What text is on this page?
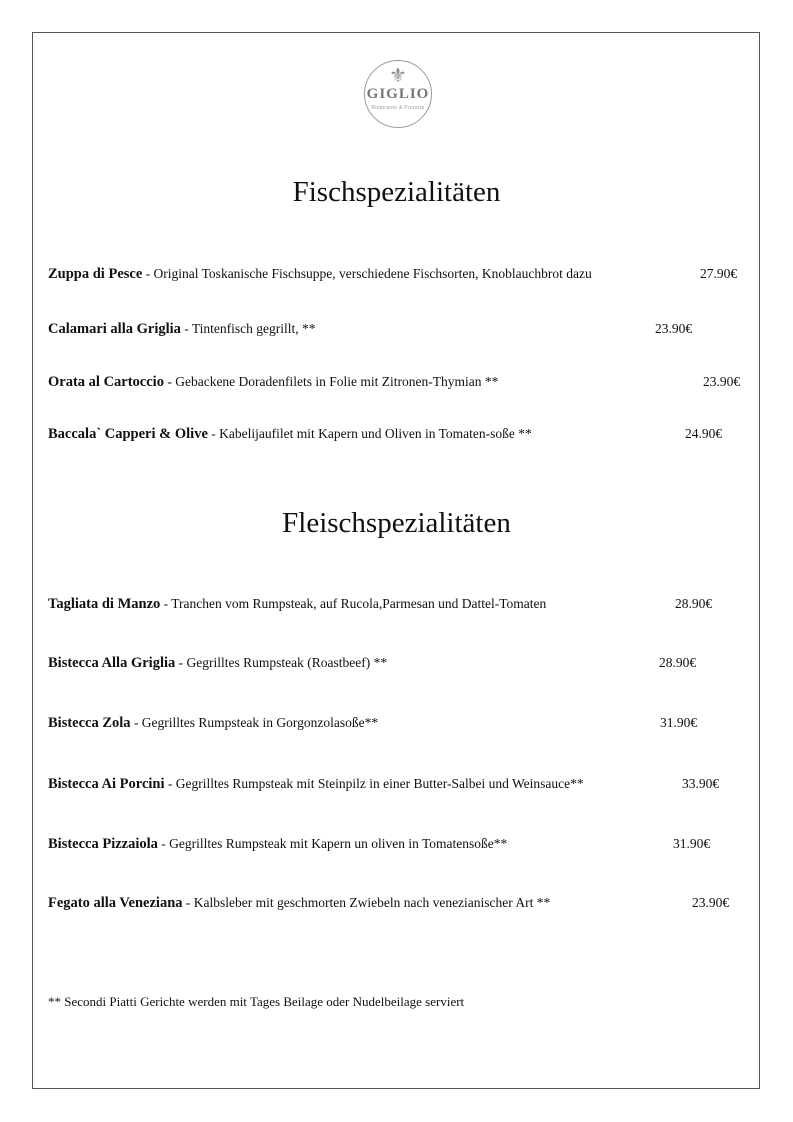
⚜
GIGLIO
Ristorante & Pizzeria
Fischspezialitäten
Zuppa di Pesce - Original Toskanische Fischsuppe, verschiedene Fischsorten, Knoblauchbrot dazu	27.90€
Calamari alla Griglia - Tintenfisch gegrillt, **	23.90€
Orata al Cartoccio - Gebackene Doradenfilets in Folie mit Zitronen-Thymian **	23.90€
Baccala` Capperi & Olive - Kabelijaufilet mit Kapern und Oliven in Tomaten-soße **	24.90€
Fleischspezialitäten
Tagliata di Manzo - Tranchen vom Rumpsteak, auf Rucola,Parmesan und Dattel-Tomaten	28.90€
Bistecca Alla Griglia - Gegrilltes Rumpsteak (Roastbeef) **	28.90€
Bistecca Zola - Gegrilltes Rumpsteak in Gorgonzolasoße**	31.90€
Bistecca Ai Porcini - Gegrilltes Rumpsteak mit Steinpilz in einer Butter-Salbei und Weinsauce**	33.90€
Bistecca Pizzaiola - Gegrilltes Rumpsteak mit Kapern un oliven in Tomatensoße**	31.90€
Fegato alla Veneziana - Kalbsleber mit geschmorten Zwiebeln nach venezianischer Art **	23.90€
** Secondi Piatti Gerichte werden mit Tages Beilage oder Nudelbeilage serviert
